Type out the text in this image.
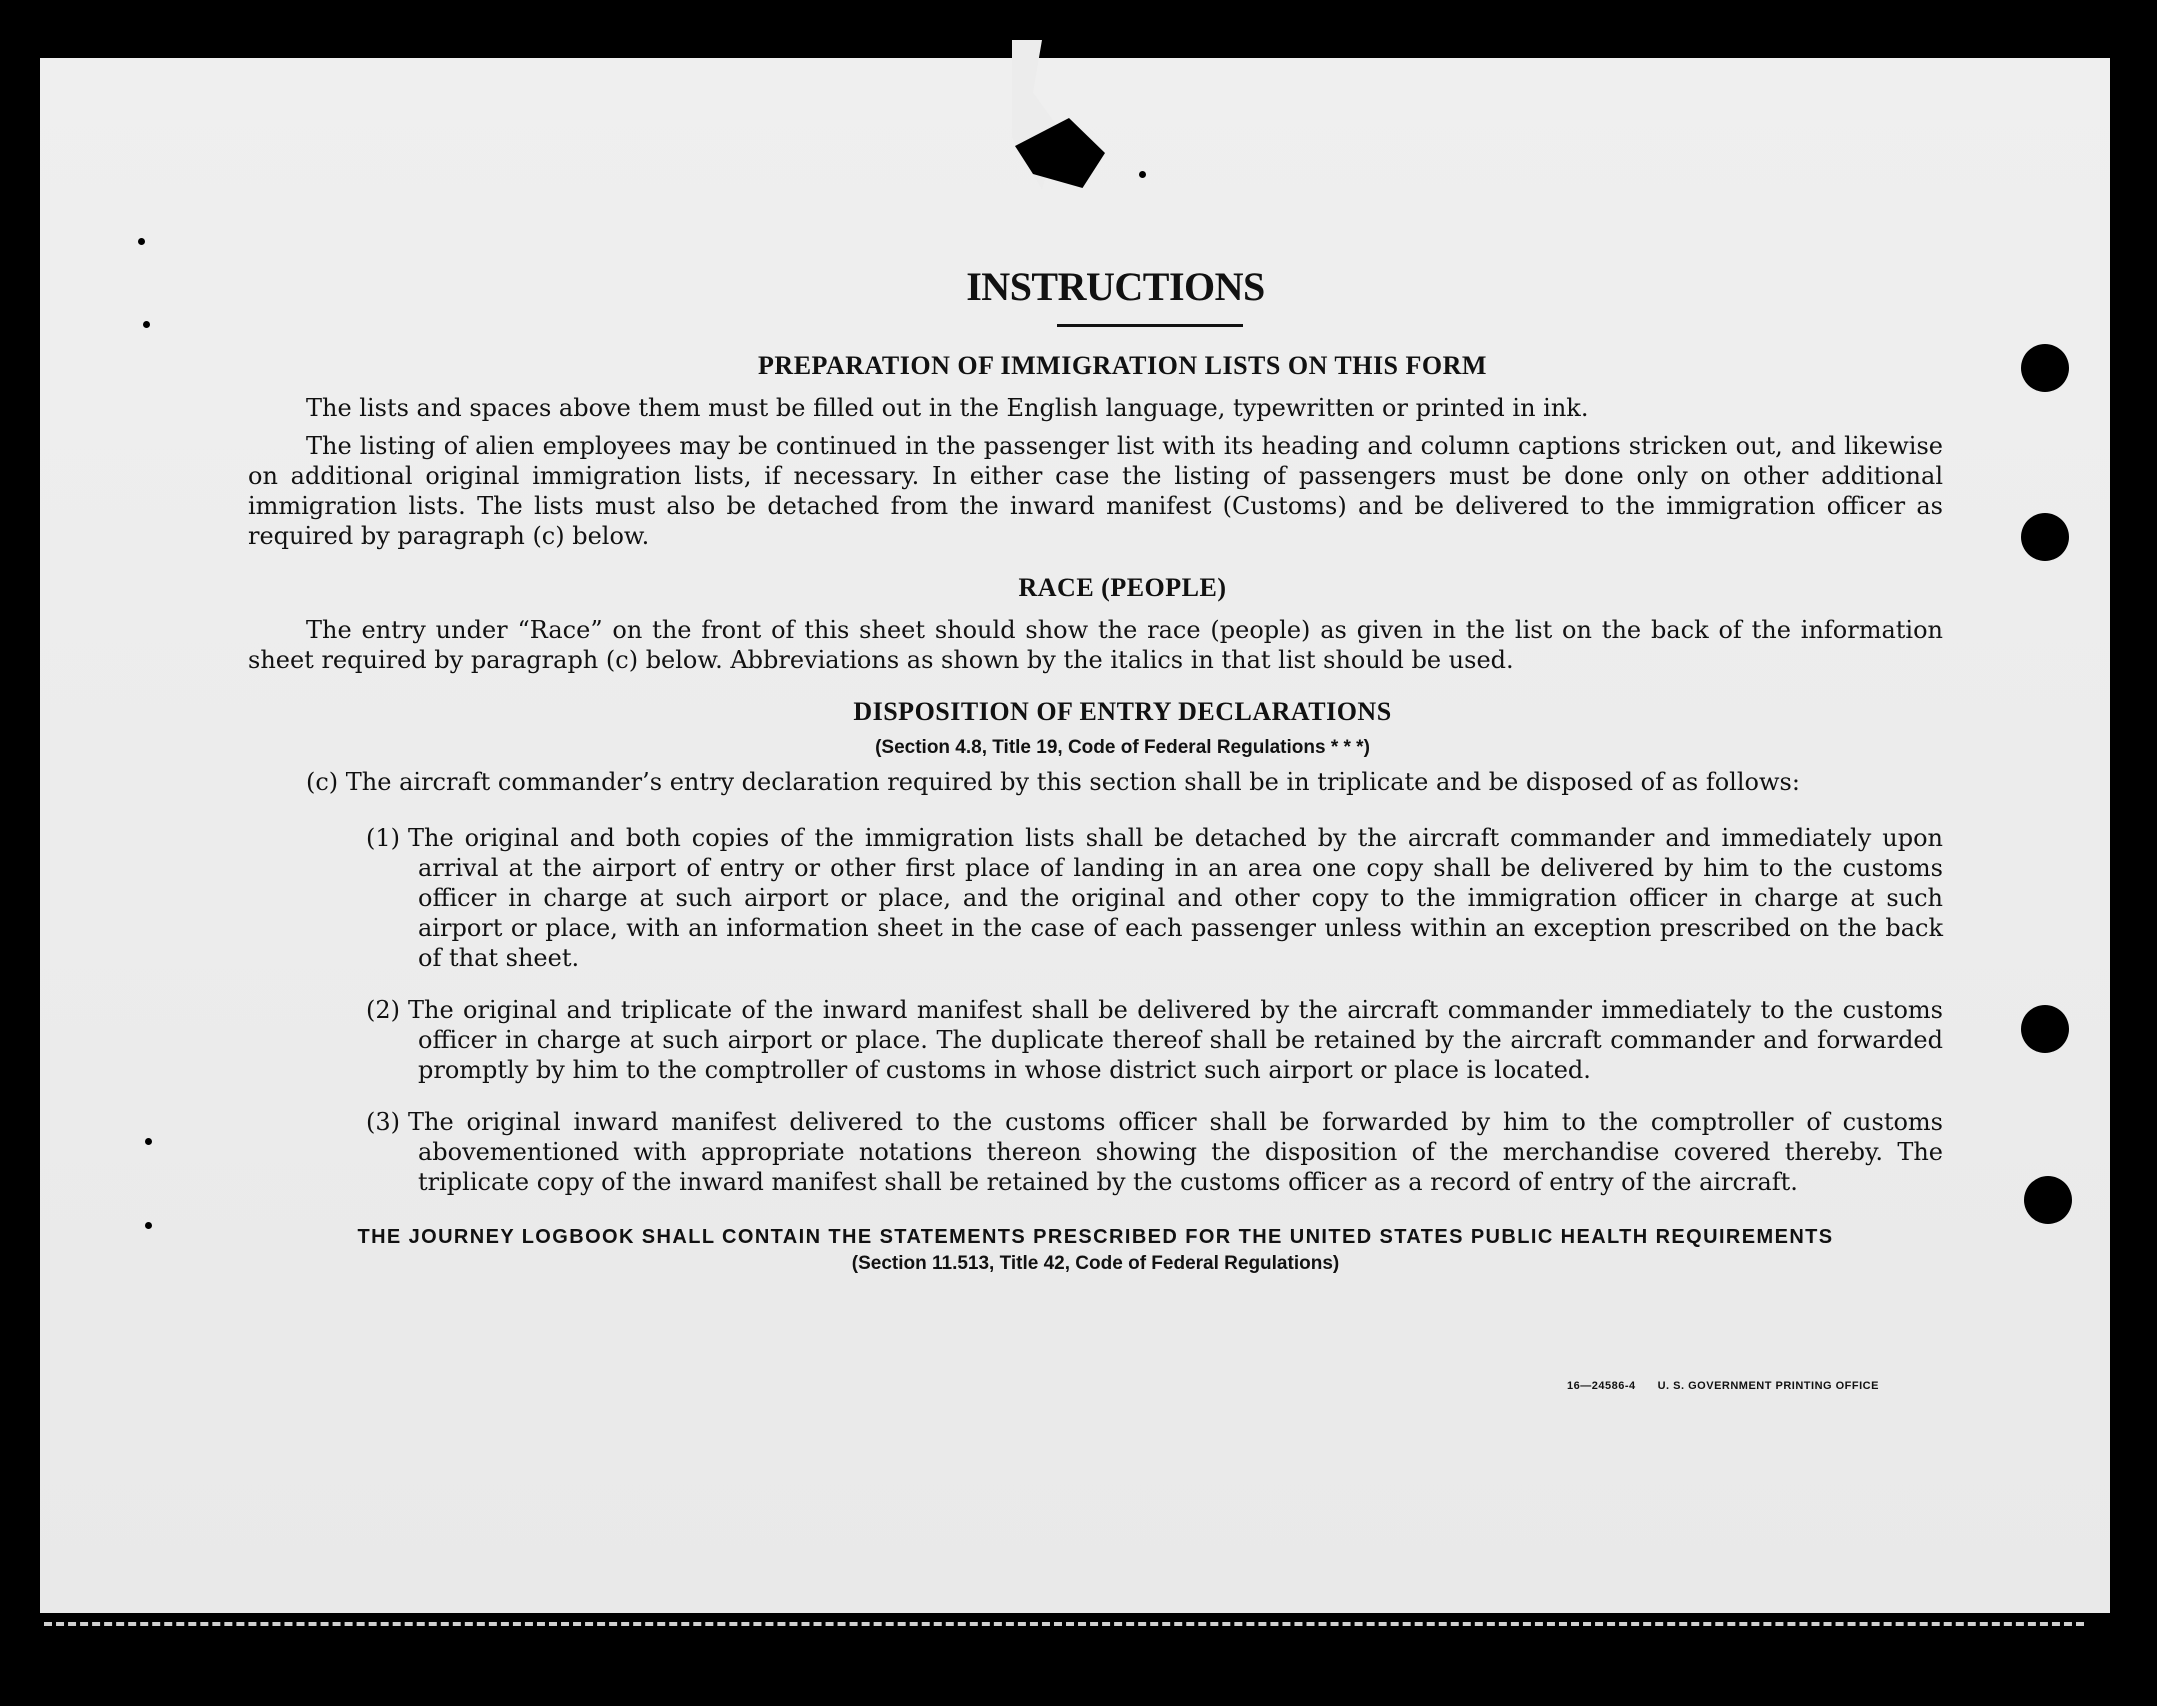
INSTRUCTIONS
PREPARATION OF IMMIGRATION LISTS ON THIS FORM

The lists and spaces above them must be filled out in the English language, typewritten or printed in ink.

The listing of alien employees may be continued in the passenger list with its heading and column captions stricken out, and likewise on additional original immigration lists, if necessary. In either case the listing of passengers must be done only on other additional immigration lists. The lists must also be detached from the inward manifest (Customs) and be delivered to the immigration officer as required by paragraph (c) below.

RACE (PEOPLE)

The entry under “Race” on the front of this sheet should show the race (people) as given in the list on the back of the information sheet required by paragraph (c) below. Abbreviations as shown by the italics in that list should be used.

DISPOSITION OF ENTRY DECLARATIONS
(Section 4.8, Title 19, Code of Federal Regulations * * *)

(c) The aircraft commander’s entry declaration required by this section shall be in triplicate and be disposed of as follows:

(1) The original and both copies of the immigration lists shall be detached by the aircraft commander and immediately upon arrival at the airport of entry or other first place of landing in an area one copy shall be delivered by him to the customs officer in charge at such airport or place, and the original and other copy to the immigration officer in charge at such airport or place, with an information sheet in the case of each passenger unless within an exception prescribed on the back of that sheet.
(2) The original and triplicate of the inward manifest shall be delivered by the aircraft commander immediately to the customs officer in charge at such airport or place. The duplicate thereof shall be retained by the aircraft commander and forwarded promptly by him to the comptroller of customs in whose district such airport or place is located.
(3) The original inward manifest delivered to the customs officer shall be forwarded by him to the comptroller of customs abovementioned with appropriate notations thereon showing the disposition of the merchandise covered thereby. The triplicate copy of the inward manifest shall be retained by the customs officer as a record of entry of the aircraft.
THE JOURNEY LOGBOOK SHALL CONTAIN THE STATEMENTS PRESCRIBED FOR THE UNITED STATES PUBLIC HEALTH REQUIREMENTS
(Section 11.513, Title 42, Code of Federal Regulations)
16—24586-4 U. S. GOVERNMENT PRINTING OFFICE
